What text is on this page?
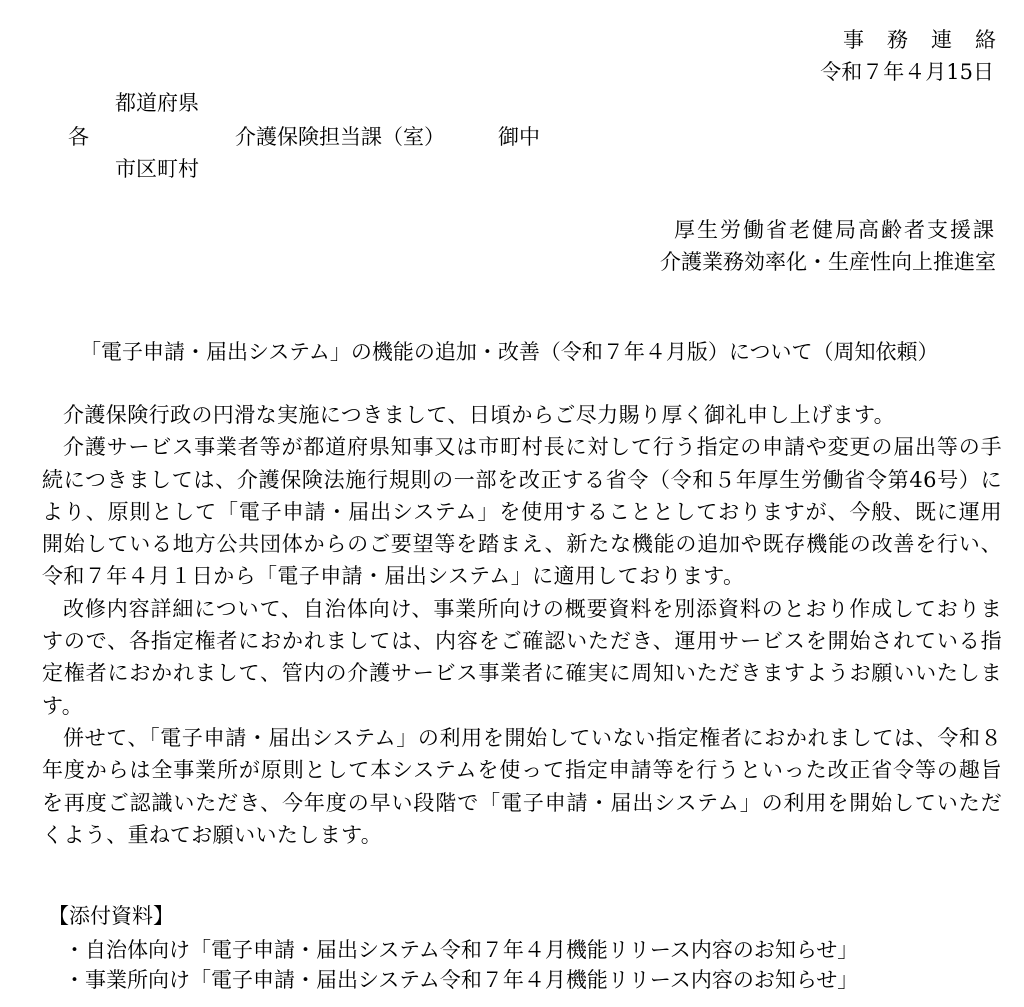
事務連絡
令和７年４月15日
都道府県
各	介護保険担当課（室）	御中
市区町村
厚生労働省老健局高齢者支援課
介護業務効率化・生産性向上推進室
「電子申請・届出システム」の機能の追加・改善（令和７年４月版）について（周知依頼）

介護保険行政の円滑な実施につきまして、日頃からご尽力賜り厚く御礼申し上げます。

介護サービス事業者等が都道府県知事又は市町村長に対して行う指定の申請や変更の届出等の手続につきましては、介護保険法施行規則の一部を改正する省令（令和５年厚生労働省令第46号）により、原則として「電子申請・届出システム」を使用することとしておりますが、今般、既に運用開始している地方公共団体からのご要望等を踏まえ、新たな機能の追加や既存機能の改善を行い、令和７年４月１日から「電子申請・届出システム」に適用しております。

改修内容詳細について、自治体向け、事業所向けの概要資料を別添資料のとおり作成しておりますので、各指定権者におかれましては、内容をご確認いただき、運用サービスを開始されている指定権者におかれまして、管内の介護サービス事業者に確実に周知いただきますようお願いいたします。

併せて、「電子申請・届出システム」の利用を開始していない指定権者におかれましては、令和８年度からは全事業所が原則として本システムを使って指定申請等を行うといった改正省令等の趣旨を再度ご認識いただき、今年度の早い段階で「電子申請・届出システム」の利用を開始していただくよう、重ねてお願いいたします。

【添付資料】
・自治体向け「電子申請・届出システム令和７年４月機能リリース内容のお知らせ」
・事業所向け「電子申請・届出システム令和７年４月機能リリース内容のお知らせ」
